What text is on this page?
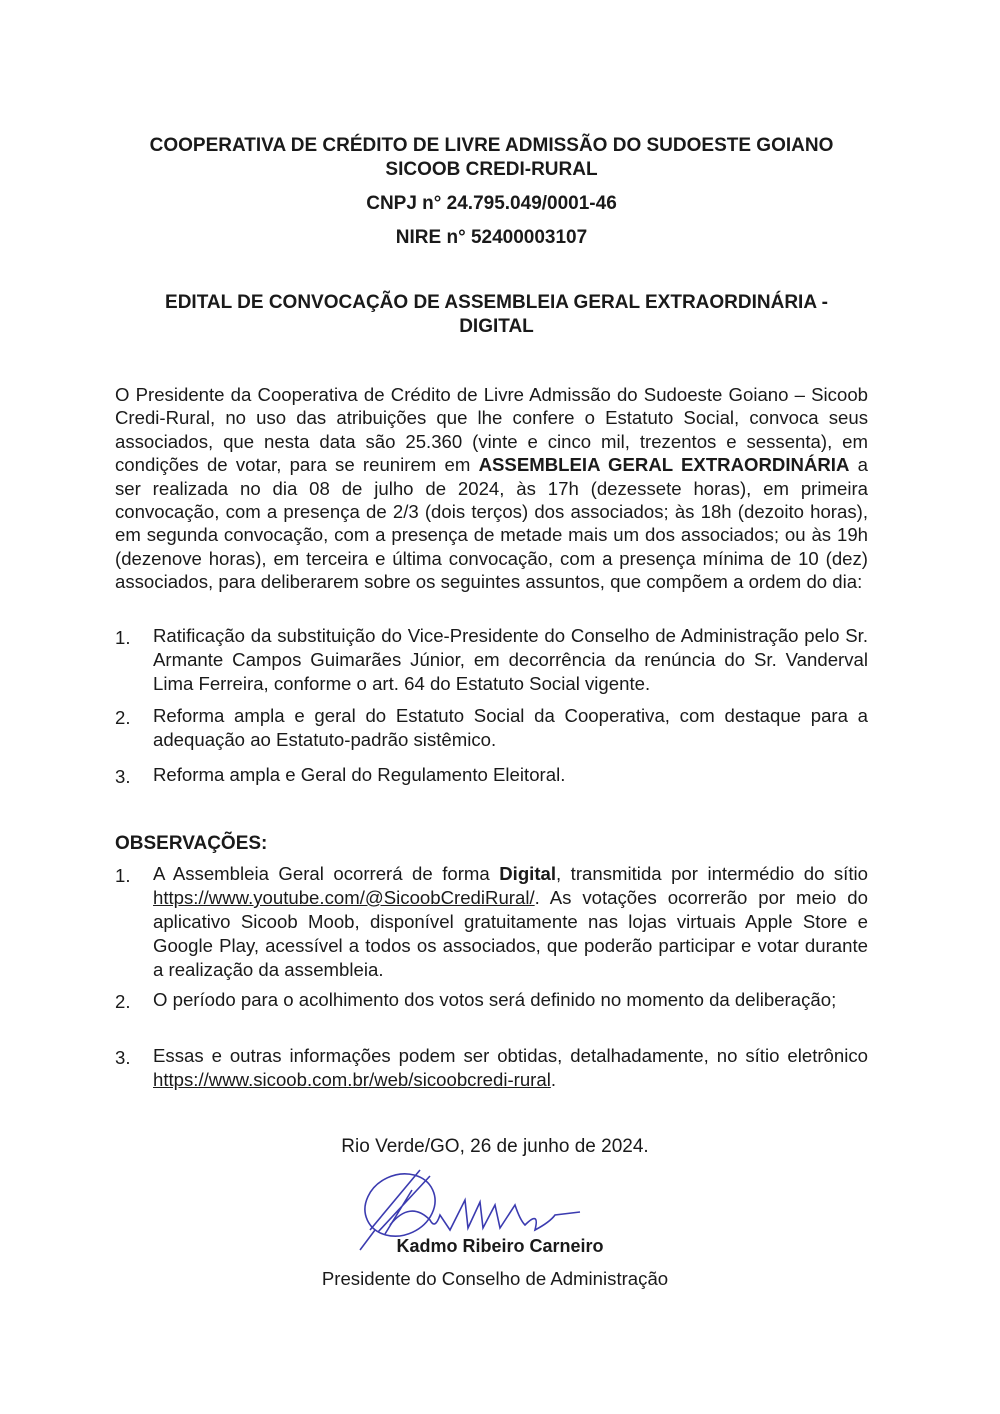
COOPERATIVA DE CRÉDITO DE LIVRE ADMISSÃO DO SUDOESTE GOIANO
SICOOB CREDI-RURAL
CNPJ n° 24.795.049/0001-46
NIRE n° 52400003107
EDITAL DE CONVOCAÇÃO DE ASSEMBLEIA GERAL EXTRAORDINÁRIA -
DIGITAL
O Presidente da Cooperativa de Crédito de Livre Admissão do Sudoeste Goiano – Sicoob Credi-Rural, no uso das atribuições que lhe confere o Estatuto Social, convoca seus associados, que nesta data são 25.360 (vinte e cinco mil, trezentos e sessenta), em condições de votar, para se reunirem em ASSEMBLEIA GERAL EXTRAORDINÁRIA a ser realizada no dia 08 de julho de 2024, às 17h (dezessete horas), em primeira convocação, com a presença de 2/3 (dois terços) dos associados; às 18h (dezoito horas), em segunda convocação, com a presença de metade mais um dos associados; ou às 19h (dezenove horas), em terceira e última convocação, com a presença mínima de 10 (dez) associados, para deliberarem sobre os seguintes assuntos, que compõem a ordem do dia:
1. Ratificação da substituição do Vice-Presidente do Conselho de Administração pelo Sr. Armante Campos Guimarães Júnior, em decorrência da renúncia do Sr. Vanderval Lima Ferreira, conforme o art. 64 do Estatuto Social vigente.
2. Reforma ampla e geral do Estatuto Social da Cooperativa, com destaque para a adequação ao Estatuto-padrão sistêmico.
3. Reforma ampla e Geral do Regulamento Eleitoral.
OBSERVAÇÕES:
1. A Assembleia Geral ocorrerá de forma Digital, transmitida por intermédio do sítio https://www.youtube.com/@SicoobCrediRural/. As votações ocorrerão por meio do aplicativo Sicoob Moob, disponível gratuitamente nas lojas virtuais Apple Store e Google Play, acessível a todos os associados, que poderão participar e votar durante a realização da assembleia.
2. O período para o acolhimento dos votos será definido no momento da deliberação;
3. Essas e outras informações podem ser obtidas, detalhadamente, no sítio eletrônico https://www.sicoob.com.br/web/sicoobcredi-rural.
Rio Verde/GO, 26 de junho de 2024.
Kadmo Ribeiro Carneiro
Presidente do Conselho de Administração
